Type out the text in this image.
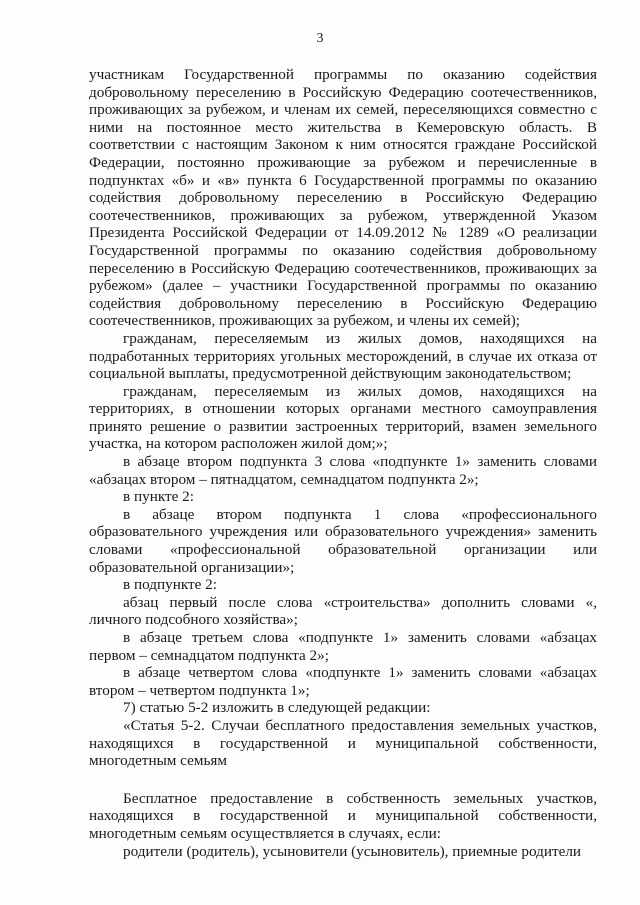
3

участникам Государственной программы по оказанию содействия добровольному переселению в Российскую Федерацию соотечественников, проживающих за рубежом, и членам их семей, переселяющихся совместно с ними на постоянное место жительства в Кемеровскую область. В соответствии с настоящим Законом к ним относятся граждане Российской Федерации, постоянно проживающие за рубежом и перечисленные в подпунктах «б» и «в» пункта 6 Государственной программы по оказанию содействия добровольному переселению в Российскую Федерацию соотечественников, проживающих за рубежом, утвержденной Указом Президента Российской Федерации от 14.09.2012 № 1289 «О реализации Государственной программы по оказанию содействия добровольному переселению в Российскую Федерацию соотечественников, проживающих за рубежом» (далее – участники Государственной программы по оказанию содействия добровольному переселению в Российскую Федерацию соотечественников, проживающих за рубежом, и члены их семей);

гражданам, переселяемым из жилых домов, находящихся на подработанных территориях угольных месторождений, в случае их отказа от социальной выплаты, предусмотренной действующим законодательством;

гражданам, переселяемым из жилых домов, находящихся на территориях, в отношении которых органами местного самоуправления принято решение о развитии застроенных территорий, взамен земельного участка, на котором расположен жилой дом;»;

в абзаце втором подпункта 3 слова «подпункте 1» заменить словами «абзацах втором – пятнадцатом, семнадцатом подпункта 2»;

в пункте 2:

в абзаце втором подпункта 1 слова «профессионального образовательного учреждения или образовательного учреждения» заменить словами «профессиональной образовательной организации или образовательной организации»;

в подпункте 2:

абзац первый после слова «строительства» дополнить словами «, личного подсобного хозяйства»;

в абзаце третьем слова «подпункте 1» заменить словами «абзацах первом – семнадцатом подпункта 2»;

в абзаце четвертом слова «подпункте 1» заменить словами «абзацах втором – четвертом подпункта 1»;

7) статью 5-2 изложить в следующей редакции:

«Статья 5-2. Случаи бесплатного предоставления земельных участков, находящихся в государственной и муниципальной собственности, многодетным семьям

Бесплатное предоставление в собственность земельных участков, находящихся в государственной и муниципальной собственности, многодетным семьям осуществляется в случаях, если:

родители (родитель), усыновители (усыновитель), приемные родители
